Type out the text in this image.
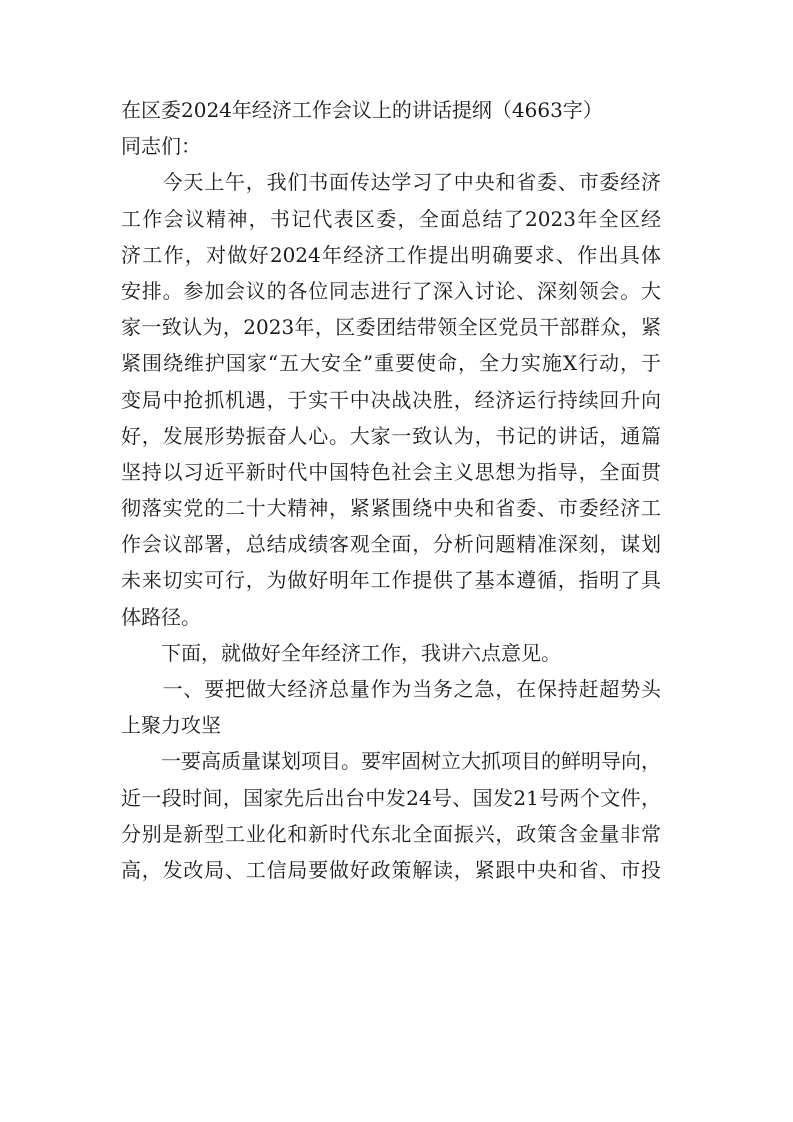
在区委2024年经济工作会议上的讲话提纲（4663字）
同志们：
　　今天上午，我们书面传达学习了中央和省委、市委经济
工作会议精神，书记代表区委，全面总结了2023年全区经
济工作，对做好2024年经济工作提出明确要求、作出具体
安排。参加会议的各位同志进行了深入讨论、深刻领会。大
家一致认为，2023年，区委团结带领全区党员干部群众，紧
紧围绕维护国家“五大安全”重要使命，全力实施X行动，于
变局中抢抓机遇，于实干中决战决胜，经济运行持续回升向
好，发展形势振奋人心。大家一致认为，书记的讲话，通篇
坚持以习近平新时代中国特色社会主义思想为指导，全面贯
彻落实党的二十大精神，紧紧围绕中央和省委、市委经济工
作会议部署，总结成绩客观全面，分析问题精准深刻，谋划
未来切实可行，为做好明年工作提供了基本遵循，指明了具
体路径。
　　下面，就做好全年经济工作，我讲六点意见。
　　一、要把做大经济总量作为当务之急，在保持赶超势头
上聚力攻坚
　　一要高质量谋划项目。要牢固树立大抓项目的鲜明导向，
近一段时间，国家先后出台中发24号、国发21号两个文件，
分别是新型工业化和新时代东北全面振兴，政策含金量非常
高，发改局、工信局要做好政策解读，紧跟中央和省、市投
